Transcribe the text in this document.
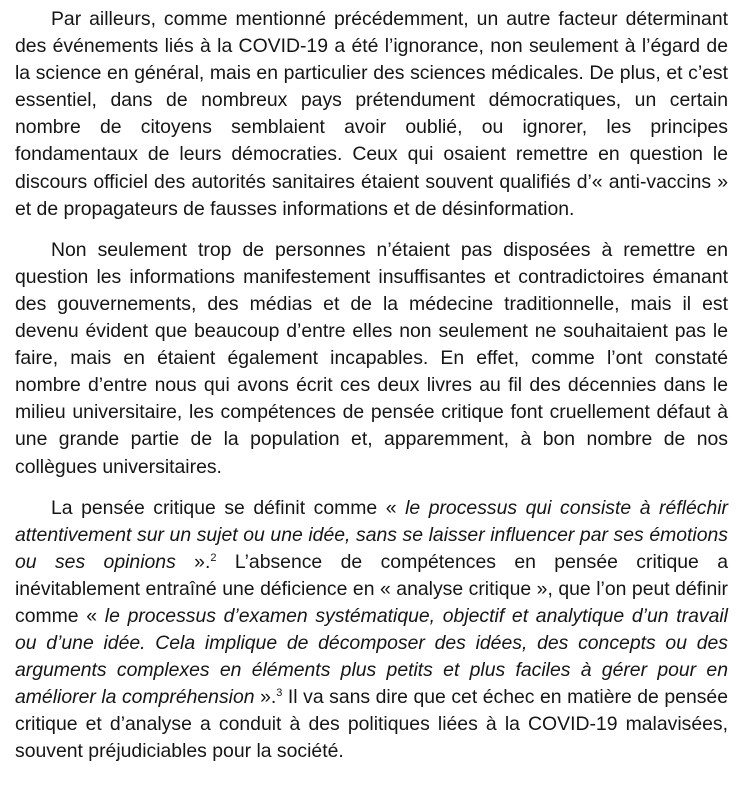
Par ailleurs, comme mentionné précédemment, un autre facteur déterminant des événements liés à la COVID-19 a été l’ignorance, non seulement à l’égard de la science en général, mais en particulier des sciences médicales. De plus, et c’est essentiel, dans de nombreux pays prétendument démocratiques, un certain nombre de citoyens semblaient avoir oublié, ou ignorer, les principes fondamentaux de leurs démocraties. Ceux qui osaient remettre en question le discours officiel des autorités sanitaires étaient souvent qualifiés d’« anti-vaccins » et de propagateurs de fausses informations et de désinformation.

Non seulement trop de personnes n’étaient pas disposées à remettre en question les informations manifestement insuffisantes et contradictoires émanant des gouvernements, des médias et de la médecine traditionnelle, mais il est devenu évident que beaucoup d’entre elles non seulement ne souhaitaient pas le faire, mais en étaient également incapables. En effet, comme l’ont constaté nombre d’entre nous qui avons écrit ces deux livres au fil des décennies dans le milieu universitaire, les compétences de pensée critique font cruellement défaut à une grande partie de la population et, apparemment, à bon nombre de nos collègues universitaires.

La pensée critique se définit comme « le processus qui consiste à réfléchir attentivement sur un sujet ou une idée, sans se laisser influencer par ses émotions ou ses opinions ».$^2$ L’absence de compétences en pensée critique a inévitablement entraîné une déficience en « analyse critique », que l’on peut définir comme « le processus d’examen systématique, objectif et analytique d’un travail ou d’une idée. Cela implique de décomposer des idées, des concepts ou des arguments complexes en éléments plus petits et plus faciles à gérer pour en améliorer la compréhension ».$^3$ Il va sans dire que cet échec en matière de pensée critique et d’analyse a conduit à des politiques liées à la COVID-19 malavisées, souvent préjudiciables pour la société.
